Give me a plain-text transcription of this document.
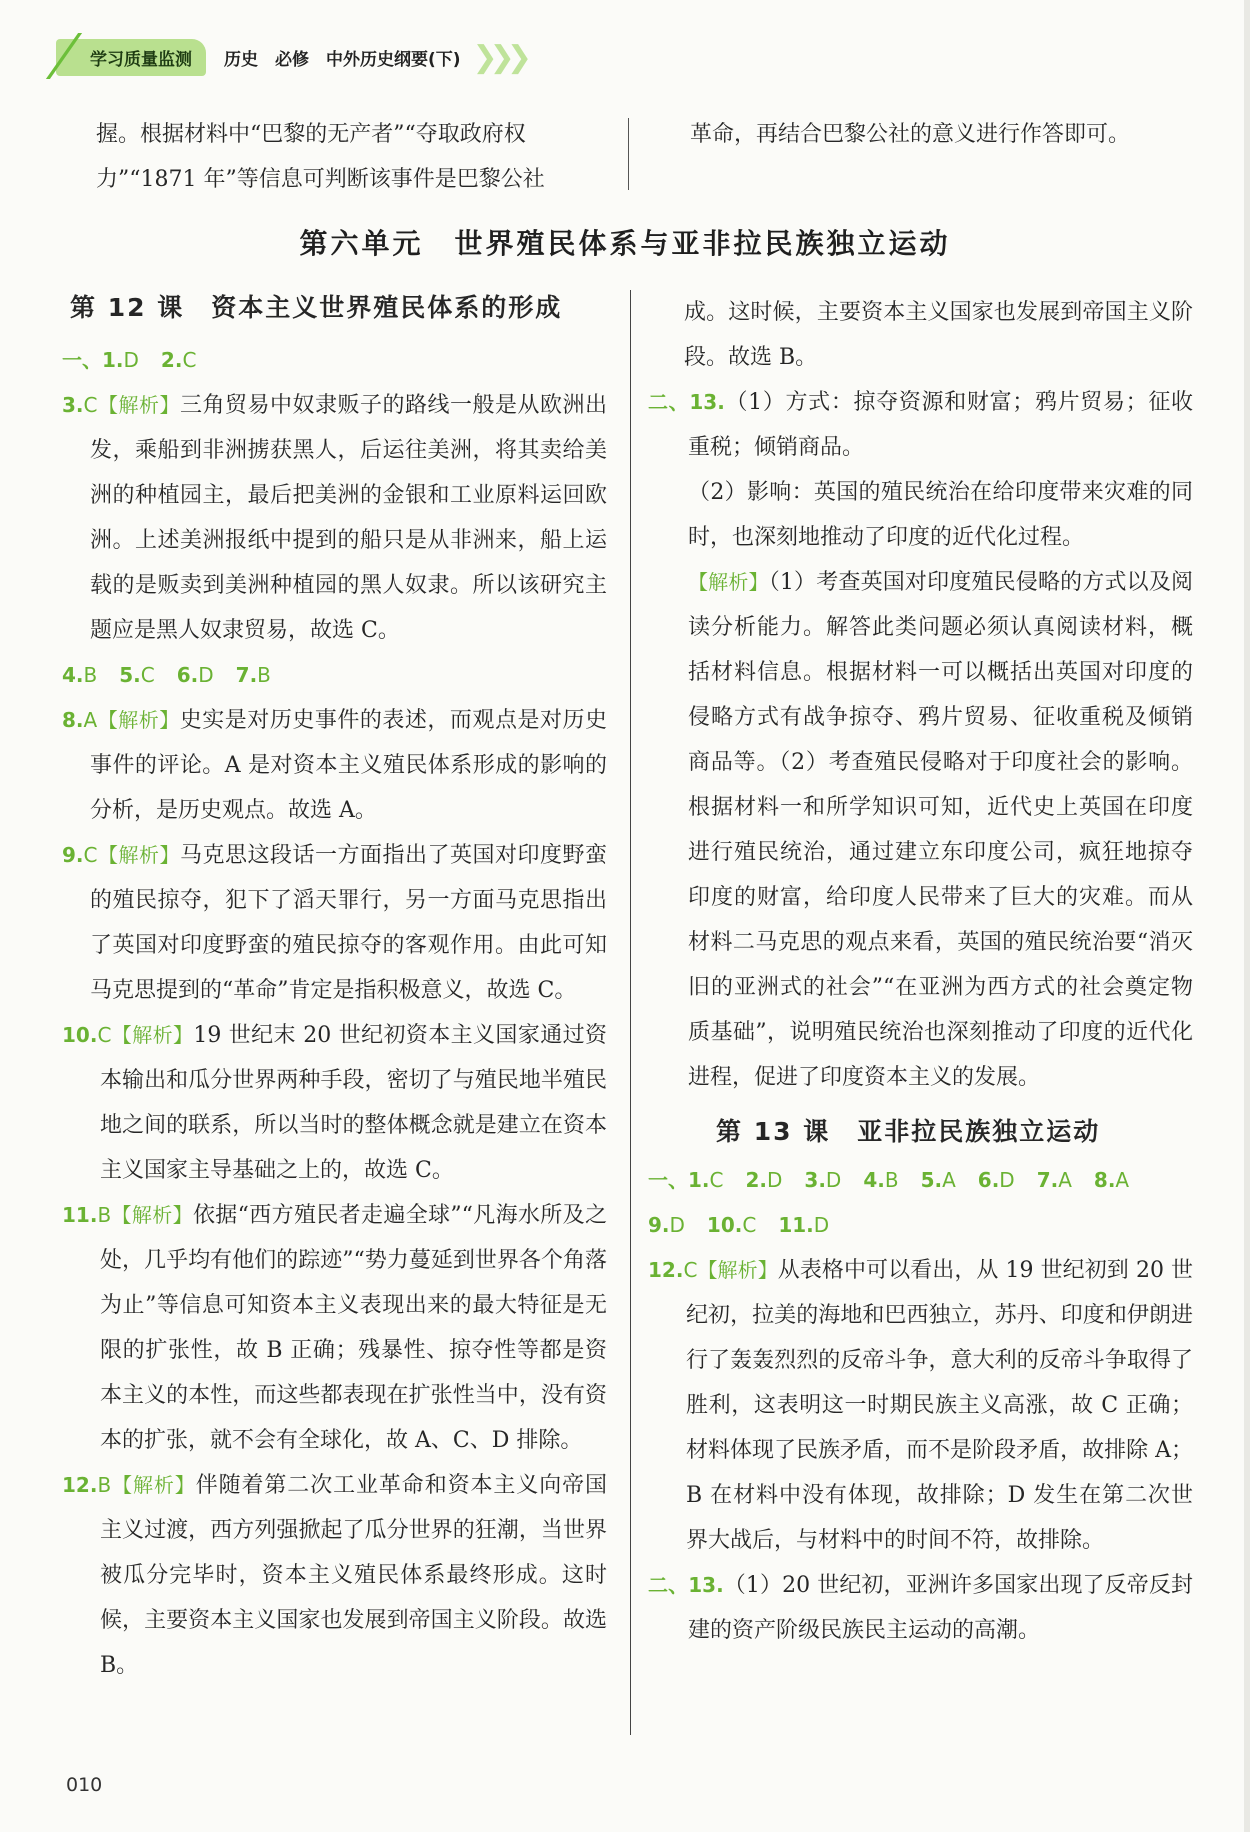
学习质量监测	历史　必修　中外历史纲要(下) ❯❯❯

握。根据材料中“巴黎的无产者”“夺取政府权

力”“1871 年”等信息可判断该事件是巴黎公社

革命，再结合巴黎公社的意义进行作答即可。

第六单元　世界殖民体系与亚非拉民族独立运动
第 12 课　资本主义世界殖民体系的形成
一、1.D 2.C

3.C【解析】三角贸易中奴隶贩子的路线一般是从欧洲出发，乘船到非洲掳获黑人，后运往美洲，将其卖给美洲的种植园主，最后把美洲的金银和工业原料运回欧洲。上述美洲报纸中提到的船只是从非洲来，船上运载的是贩卖到美洲种植园的黑人奴隶。所以该研究主题应是黑人奴隶贸易，故选 C。

4.B 5.C 6.D 7.B

8.A【解析】史实是对历史事件的表述，而观点是对历史事件的评论。A 是对资本主义殖民体系形成的影响的分析，是历史观点。故选 A。

9.C【解析】马克思这段话一方面指出了英国对印度野蛮的殖民掠夺，犯下了滔天罪行，另一方面马克思指出了英国对印度野蛮的殖民掠夺的客观作用。由此可知马克思提到的“革命”肯定是指积极意义，故选 C。

10.C【解析】19 世纪末 20 世纪初资本主义国家通过资本输出和瓜分世界两种手段，密切了与殖民地半殖民地之间的联系，所以当时的整体概念就是建立在资本主义国家主导基础之上的，故选 C。

11.B【解析】依据“西方殖民者走遍全球”“凡海水所及之处，几乎均有他们的踪迹”“势力蔓延到世界各个角落为止”等信息可知资本主义表现出来的最大特征是无限的扩张性，故 B 正确；残暴性、掠夺性等都是资本主义的本性，而这些都表现在扩张性当中，没有资本的扩张，就不会有全球化，故 A、C、D 排除。

12.B【解析】伴随着第二次工业革命和资本主义向帝国主义过渡，西方列强掀起了瓜分世界的狂潮，当世界被瓜分完毕时，资本主义殖民体系最终形成。这时候，主要资本主义国家也发展到帝国主义阶段。故选 B。

成。这时候，主要资本主义国家也发展到帝国主义阶段。故选 B。

二、13.（1）方式：掠夺资源和财富；鸦片贸易；征收重税；倾销商品。

（2）影响：英国的殖民统治在给印度带来灾难的同时，也深刻地推动了印度的近代化过程。

【解析】（1）考查英国对印度殖民侵略的方式以及阅读分析能力。解答此类问题必须认真阅读材料，概括材料信息。根据材料一可以概括出英国对印度的侵略方式有战争掠夺、鸦片贸易、征收重税及倾销商品等。（2）考查殖民侵略对于印度社会的影响。根据材料一和所学知识可知，近代史上英国在印度进行殖民统治，通过建立东印度公司，疯狂地掠夺印度的财富，给印度人民带来了巨大的灾难。而从材料二马克思的观点来看，英国的殖民统治要“消灭旧的亚洲式的社会”“在亚洲为西方式的社会奠定物质基础”，说明殖民统治也深刻推动了印度的近代化进程，促进了印度资本主义的发展。

第 13 课　亚非拉民族独立运动
一、1.C 2.D 3.D 4.B 5.A 6.D 7.A 8.A
9.D 10.C 11.D

12.C【解析】从表格中可以看出，从 19 世纪初到 20 世纪初，拉美的海地和巴西独立，苏丹、印度和伊朗进行了轰轰烈烈的反帝斗争，意大利的反帝斗争取得了胜利，这表明这一时期民族主义高涨，故 C 正确；材料体现了民族矛盾，而不是阶段矛盾，故排除 A；B 在材料中没有体现，故排除；D 发生在第二次世界大战后，与材料中的时间不符，故排除。

二、13.（1）20 世纪初，亚洲许多国家出现了反帝反封建的资产阶级民族民主运动的高潮。

010
